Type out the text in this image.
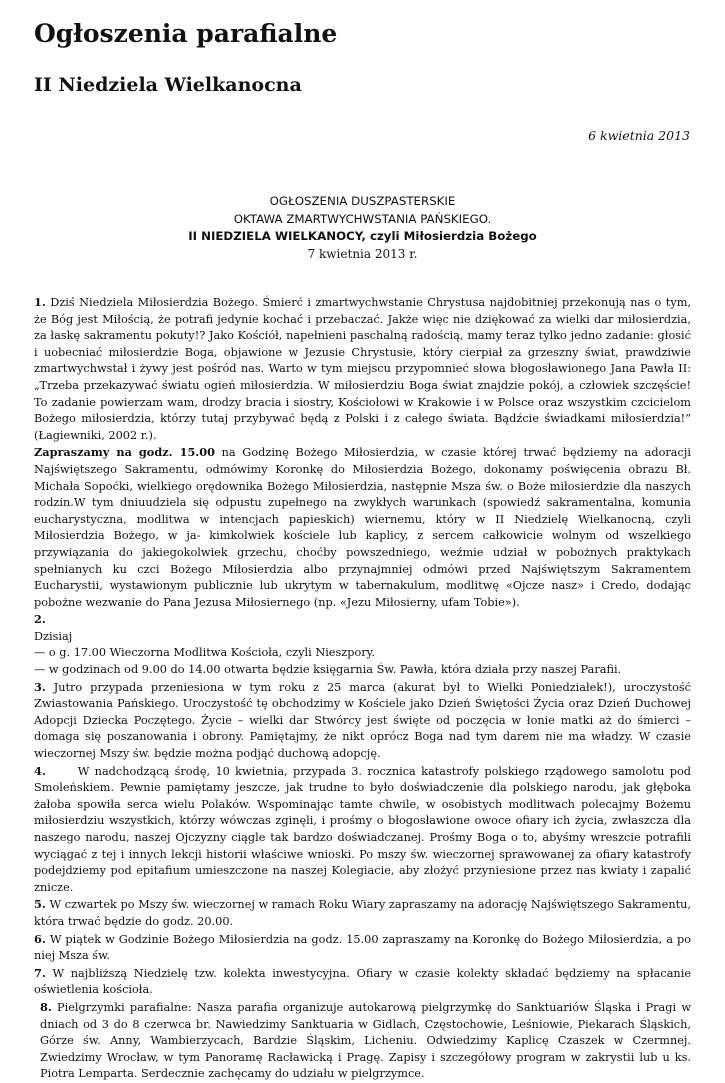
Ogłoszenia parafialne
II Niedziela Wielkanocna

6 kwietnia 2013

OGŁOSZENIA DUSZPASTERSKIE
OKTAWA ZMARTWYCHWSTANIA PAŃSKIEGO.
II NIEDZIELA WIELKANOCY, czyli Miłosierdzia Bożego
7 kwietnia 2013 r.

1. Dziś Niedziela Miłosierdzia Bożego. Śmierć i zmartwychwstanie Chrystusa najdobitniej przekonują nas o tym, że Bóg jest Miłością, że potrafi jedynie kochać i przebaczać. Jakże więc nie dziękować za wielki dar miłosierdzia, za łaskę sakramentu pokuty!? Jako Kościół, napełnieni paschalną radością, mamy teraz tylko jedno zadanie: głosić i uobecniać miłosierdzie Boga, objawione w Jezusie Chrystusie, który cierpiał za grzeszny świat, prawdziwie zmartwychwstał i żywy jest pośród nas. Warto w tym miejscu przypomnieć słowa błogosławionego Jana Pawła II: „Trzeba przekazywać światu ogień miłosierdzia. W miłosierdziu Boga świat znajdzie pokój, a człowiek szczęście! To zadanie powierzam wam, drodzy bracia i siostry, Kościołowi w Krakowie i w Polsce oraz wszystkim czcicielom Bożego miłosierdzia, którzy tutaj przybywać będą z Polski i z całego świata. Bądźcie świadkami miłosierdzia!” (Łagiewniki, 2002 r.).

Zapraszamy na godz. 15.00 na Godzinę Bożego Miłosierdzia, w czasie której trwać będziemy na adoracji Najświętszego Sakramentu, odmówimy Koronkę do Miłosierdzia Bożego, dokonamy poświęcenia obrazu Bł. Michała Sopoćki, wielkiego orędownika Bożego Miłosierdzia, następnie Msza św. o Boże miłosierdzie dla naszych rodzin.W tym dniuudziela się odpustu zupełnego na zwykłych warunkach (spowiedź sakramentalna, komunia eucharystyczna, modlitwa w intencjach papieskich) wiernemu, który w II Niedzielę Wielkanocną, czyli Miłosierdzia Bożego, w ja- kimkolwiek kościele lub kaplicy, z sercem całkowicie wolnym od wszelkiego przywiązania do jakiegokolwiek grzechu, choćby powszedniego, weźmie udział w pobożnych praktykach spełnianych ku czci Bożego Miłosierdzia albo przynajmniej odmówi przed Najświętszym Sakramentem Eucharystii, wystawionym publicznie lub ukrytym w tabernakulum, modlitwę «Ojcze nasz» i Credo, dodając pobożne wezwanie do Pana Jezusa Miłosiernego (np. «Jezu Miłosierny, ufam Tobie»).

2.

Dzisiaj

— o g. 17.00 Wieczorna Modlitwa Kościoła, czyli Nieszpory.

— w godzinach od 9.00 do 14.00 otwarta będzie księgarnia Św. Pawła, która działa przy naszej Parafii.

3. Jutro przypada przeniesiona w tym roku z 25 marca (akurat był to Wielki Poniedziałek!), uroczystość Zwiastowania Pańskiego. Uroczystość tę obchodzimy w Kościele jako Dzień Świętości Życia oraz Dzień Duchowej Adopcji Dziecka Poczętego. Życie – wielki dar Stwórcy jest święte od poczęcia w łonie matki aż do śmierci – domaga się poszanowania i obrony. Pamiętajmy, że nikt oprócz Boga nad tym darem nie ma władzy. W czasie wieczornej Mszy św. będzie można podjąć duchową adopcję.

4.	W nadchodzącą środę, 10 kwietnia, przypada 3. rocznica katastrofy polskiego rządowego samolotu pod Smoleńskiem. Pewnie pamiętamy jeszcze, jak trudne to było doświadczenie dla polskiego narodu, jak głęboka żałoba spowiła serca wielu Polaków. Wspominając tamte chwile, w osobistych modlitwach polecajmy Bożemu miłosierdziu wszystkich, którzy wówczas zginęli, i prośmy o błogosławione owoce ofiary ich życia, zwłaszcza dla naszego narodu, naszej Ojczyzny ciągle tak bardzo doświadczanej. Prośmy Boga o to, abyśmy wreszcie potrafili wyciągać z tej i innych lekcji historii właściwe wnioski. Po mszy św. wieczornej sprawowanej za ofiary katastrofy podejdziemy pod epitafium umieszczone na naszej Kolegiacie, aby złożyć przyniesione przez nas kwiaty i zapalić znicze.

5. W czwartek po Mszy św. wieczornej w ramach Roku Wiary zapraszamy na adorację Najświętszego Sakramentu, która trwać będzie do godz. 20.00.

6. W piątek w Godzinie Bożego Miłosierdzia na godz. 15.00 zapraszamy na Koronkę do Bożego Miłosierdzia, a po niej Msza św.

7. W najbliższą Niedzielę tzw. kolekta inwestycyjna. Ofiary w czasie kolekty składać będziemy na spłacanie oświetlenia kościoła.

8. Pielgrzymki parafialne: Nasza parafia organizuje autokarową pielgrzymkę do Sanktuariów Śląska i Pragi w dniach od 3 do 8 czerwca br. Nawiedzimy Sanktuaria w Gidlach, Częstochowie, Leśniowie, Piekarach Śląskich, Górze św. Anny, Wambierzycach, Bardzie Śląskim, Licheniu. Odwiedzimy Kaplicę Czaszek w Czermnej. Zwiedzimy Wrocław, w tym Panoramę Racławicką i Pragę. Zapisy i szczegółowy program w zakrystii lub u ks. Piotra Lemparta. Serdecznie zachęcamy do udziału w pielgrzymce.
